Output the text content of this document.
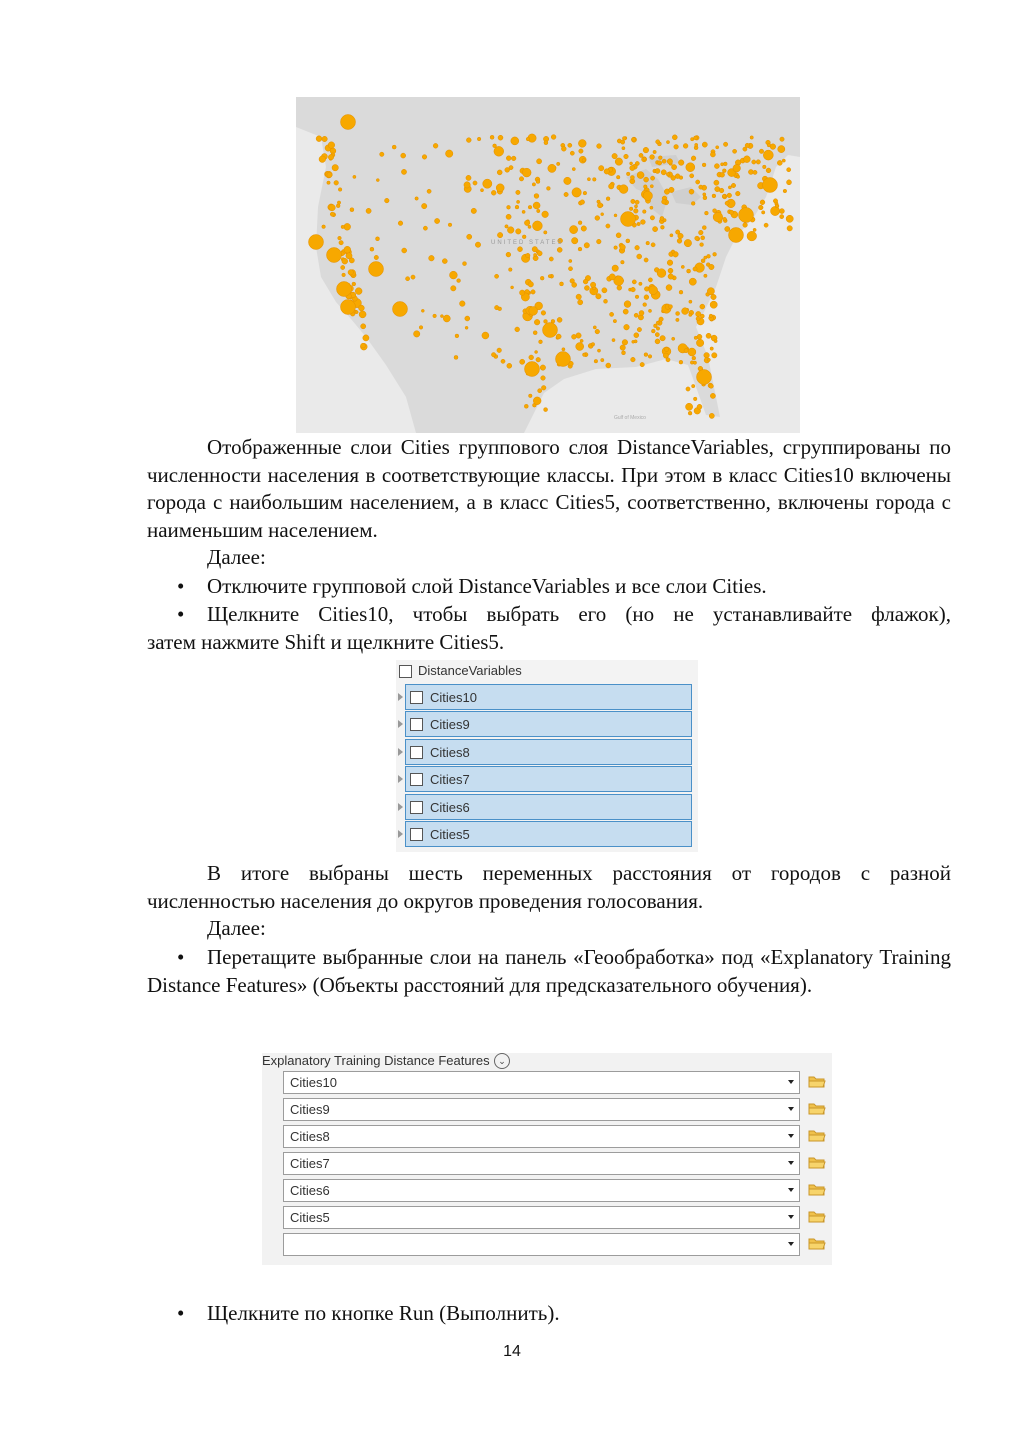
UNITED STATES
Gulf of Mexico
Отображенные слои Cities группового слоя DistanceVariables, сгруппированы по численности населения в соответствующие классы. При этом в класс Cities10 включены города с наибольшим населением, а в класс Cities5, соответственно, включены города с наименьшим населением.
Далее:
• Отключите групповой слой DistanceVariables и все слои Cities.
• Щелкните Cities10, чтобы выбрать его (но не устанавливайте флажок),
затем нажмите Shift и щелкните Cities5.
DistanceVariables
Cities10
Cities9
Cities8
Cities7
Cities6
Cities5
В итоге выбраны шесть переменных расстояния от городов с разной численностью населения до округов проведения голосования.
Далее:
• Перетащите выбранные слои на панель «Геообработка» под «Explanatory Training Distance Features» (Объекты расстояний для предсказательного обучения).
Explanatory Training Distance Features ⌄
Cities10
Cities9
Cities8
Cities7
Cities6
Cities5
• Щелкните по кнопке Run (Выполнить).
14
